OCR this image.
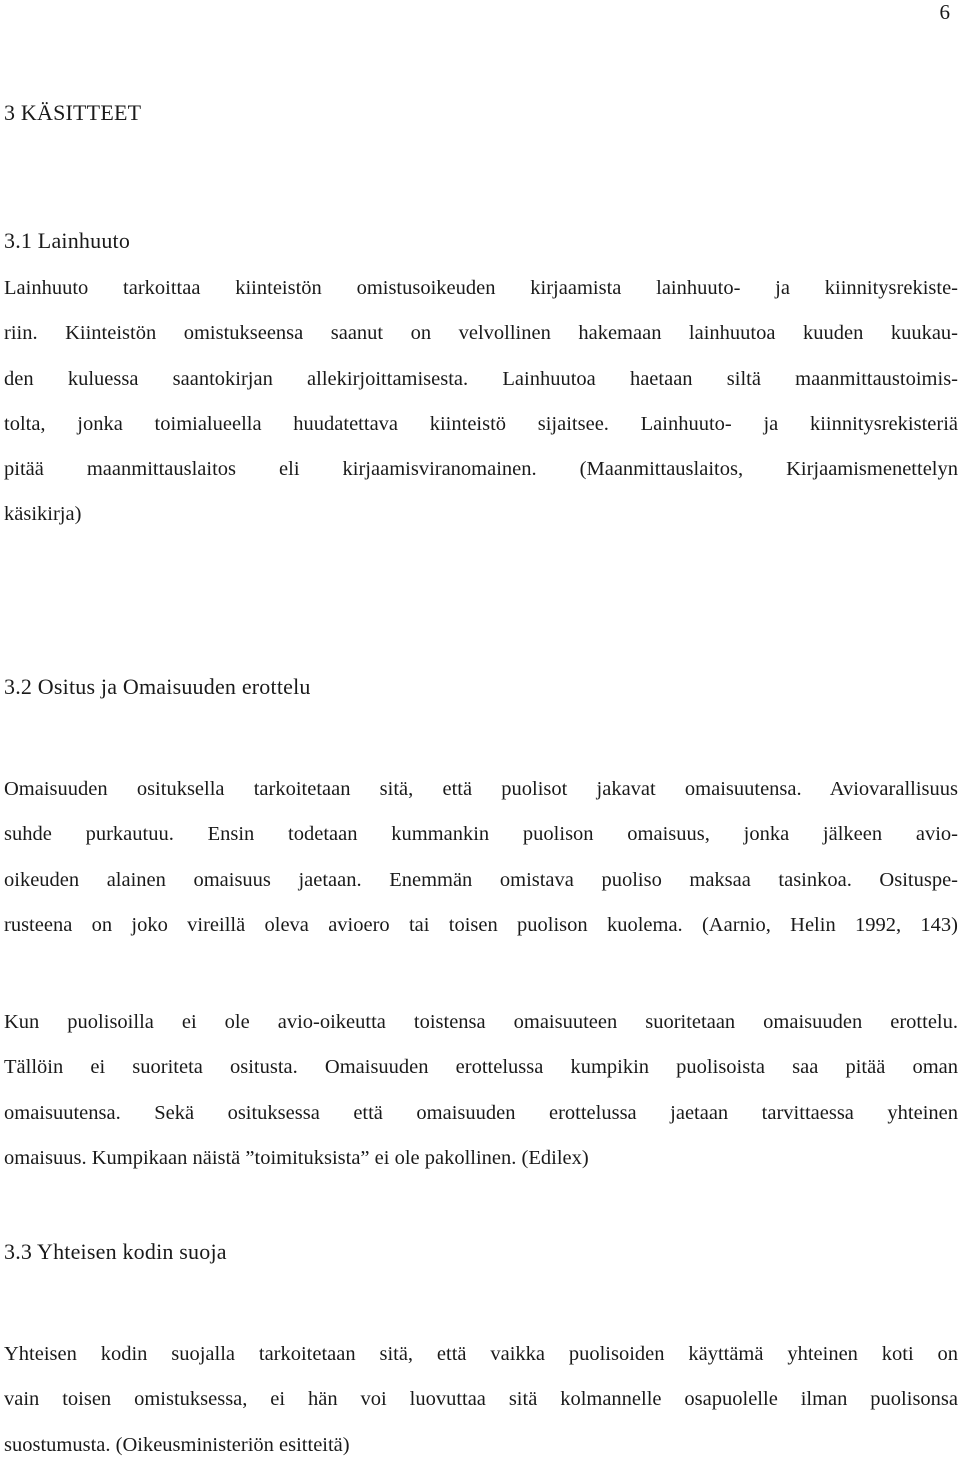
6
3 KÄSITTEET
3.1 Lainhuuto
Lainhuuto tarkoittaa kiinteistön omistusoikeuden kirjaamista lainhuuto- ja kiinnitysrekiste-
riin. Kiinteistön omistukseensa saanut on velvollinen hakemaan lainhuutoa kuuden kuukau-
den kuluessa saantokirjan allekirjoittamisesta. Lainhuutoa haetaan siltä maanmittaustoimis-
tolta, jonka toimialueella huudatettava kiinteistö sijaitsee. Lainhuuto- ja kiinnitysrekisteriä
pitää maanmittauslaitos eli kirjaamisviranomainen. (Maanmittauslaitos, Kirjaamismenettelyn
käsikirja)
3.2 Ositus ja Omaisuuden erottelu
Omaisuuden osituksella tarkoitetaan sitä, että puolisot jakavat omaisuutensa. Aviovarallisuus
suhde purkautuu. Ensin todetaan kummankin puolison omaisuus, jonka jälkeen avio-
oikeuden alainen omaisuus jaetaan. Enemmän omistava puoliso maksaa tasinkoa. Osituspe-
rusteena on joko vireillä oleva avioero tai toisen puolison kuolema. (Aarnio, Helin 1992, 143)
Kun puolisoilla ei ole avio-oikeutta toistensa omaisuuteen suoritetaan omaisuuden erottelu.
Tällöin ei suoriteta ositusta. Omaisuuden erottelussa kumpikin puolisoista saa pitää oman
omaisuutensa. Sekä osituksessa että omaisuuden erottelussa jaetaan tarvittaessa yhteinen
omaisuus. Kumpikaan näistä ”toimituksista” ei ole pakollinen. (Edilex)
3.3 Yhteisen kodin suoja
Yhteisen kodin suojalla tarkoitetaan sitä, että vaikka puolisoiden käyttämä yhteinen koti on
vain toisen omistuksessa, ei hän voi luovuttaa sitä kolmannelle osapuolelle ilman puolisonsa
suostumusta. (Oikeusministeriön esitteitä)
